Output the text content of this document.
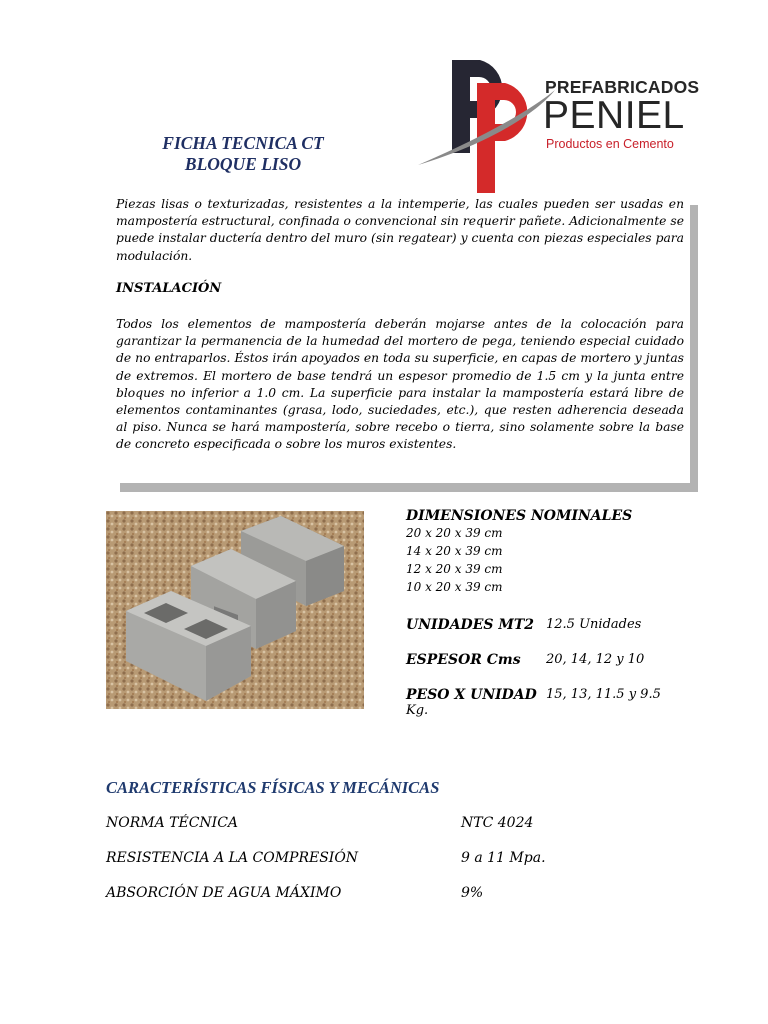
FICHA TECNICA CT
BLOQUE LISO
PREFABRICADOS
PENIEL
Productos en Cemento

Piezas lisas o texturizadas, resistentes a la intemperie, las cuales pueden ser usadas en mampostería estructural, confinada o convencional sin requerir pañete. Adicionalmente se puede instalar ductería dentro del muro (sin regatear) y cuenta con piezas especiales para modulación.

INSTALACIÓN

Todos los elementos de mampostería deberán mojarse antes de la colocación para garantizar la permanencia de la humedad del mortero de pega, teniendo especial cuidado de no entraparlos. Éstos irán apoyados en toda su superficie, en capas de mortero y juntas de extremos. El mortero de base tendrá un espesor promedio de 1.5 cm y la junta entre bloques no inferior a 1.0 cm. La superficie para instalar la mampostería estará libre de elementos contaminantes (grasa, lodo, suciedades, etc.), que resten adherencia deseada al piso. Nunca se hará mampostería, sobre recebo o tierra, sino solamente sobre la base de concreto especificada o sobre los muros existentes.

DIMENSIONES NOMINALES
20 x 20 x 39 cm
14 x 20 x 39 cm
12 x 20 x 39 cm
10 x 20 x 39 cm
UNIDADES MT2 12.5 Unidades
ESPESOR Cms 20, 14, 12 y 10
PESO X UNIDAD 15, 13, 11.5 y 9.5
Kg.
CARACTERÍSTICAS FÍSICAS Y MECÁNICAS
NORMA TÉCNICA	NTC 4024
RESISTENCIA A LA COMPRESIÓN	9 a 11 Mpa.
ABSORCIÓN DE AGUA MÁXIMO	9%
